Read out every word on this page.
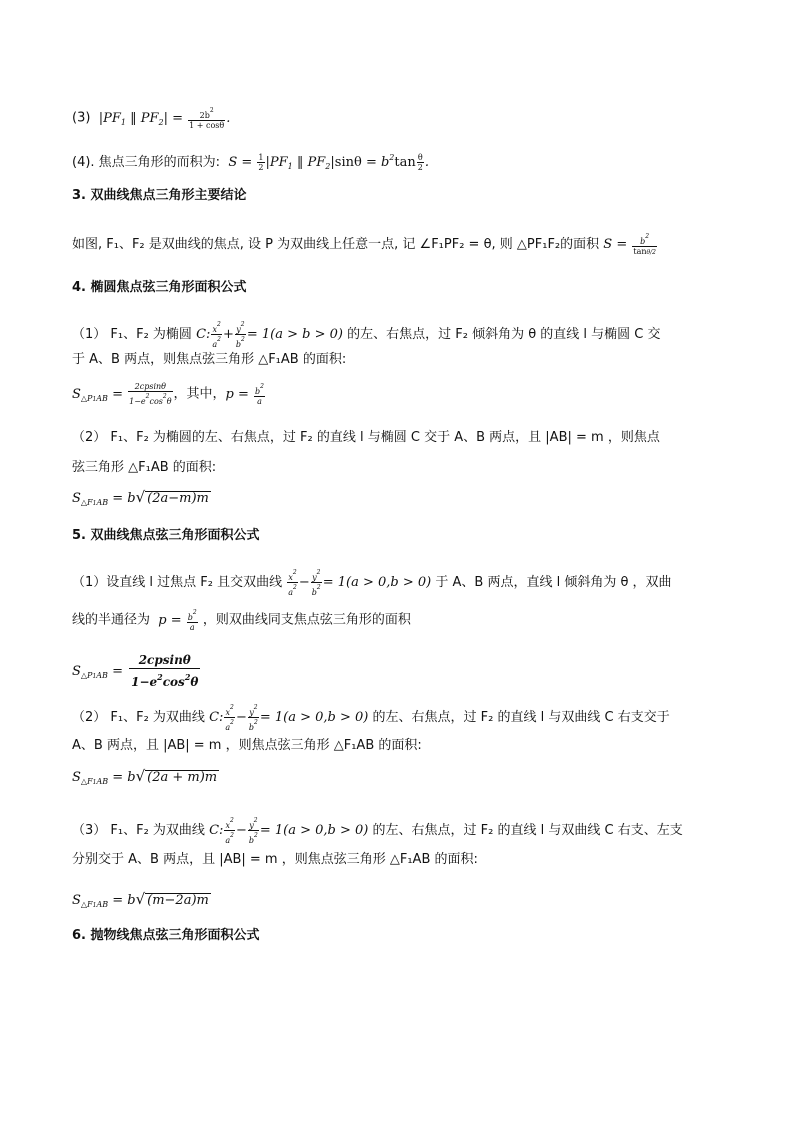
(3)  $|PF_1$ ‖ $PF_2| = \frac{2b^2}{1 + \cos\theta}$ .
(4). 焦点三角形的而积为:  $S = \frac{1}{2} |PF_1$ ‖ $PF_2|\sin\theta = b^2\tan \frac{\theta}{2}$ .
3. 双曲线焦点三角形主要结论
如图, F₁、F₂ 是双曲线的焦点, 设 P 为双曲线上任意一点, 记 ∠F₁PF₂ = θ, 则 △PF₁F₂的面积 $S = \frac{b^2}{\tan\theta/2}$
4. 椭圆焦点弦三角形面积公式
（1） F₁、F₂ 为椭圆 C: $\frac{x^2}{a^2} + \frac{y^2}{b^2} = 1(a > b > 0)$ 的左、右焦点，过 F₂ 倾斜角为 θ 的直线 l 与椭圆 C 交
于 A、B 两点，则焦点弦三角形 △F₁AB 的面积:
$S_{\triangle P1AB} = \frac{2cpsin\theta}{1-e^2\cos^2\theta}$ ，其中，$p = \frac{b^2}{a}$
（2） F₁、F₂ 为椭圆的左、右焦点，过 F₂ 的直线 l 与椭圆 C 交于 A、B 两点，且 |AB| = m ，则焦点
弦三角形 △F₁AB 的面积:
$S_{\triangle F1AB} = b√$ (2a−m)m
5. 双曲线焦点弦三角形面积公式
（1）设直线 l 过焦点 F₂ 且交双曲线 $\frac{x^2}{a^2} - \frac{y^2}{b^2} = 1(a > 0,b > 0)$ 于 A、B 两点，直线 l 倾斜角为 θ ，双曲
线的半通径为  $p = \frac{b^2}{a}$ ，则双曲线同支焦点弦三角形的面积
$S_{\triangle P1AB} = \frac{2cpsin\theta}{1-e^2\cos^2\theta}$
（2） F₁、F₂ 为双曲线 C: $\frac{x^2}{a^2} - \frac{y^2}{b^2} = 1(a > 0,b > 0)$ 的左、右焦点，过 F₂ 的直线 l 与双曲线 C 右支交于
A、B 两点，且 |AB| = m ，则焦点弦三角形 △F₁AB 的面积:
$S_{\triangle F1AB} = b√$ (2a + m)m
（3） F₁、F₂ 为双曲线 C: $\frac{x^2}{a^2} - \frac{y^2}{b^2} = 1(a > 0,b > 0)$ 的左、右焦点，过 F₂ 的直线 l 与双曲线 C 右支、左支
分别交于 A、B 两点，且 |AB| = m ，则焦点弦三角形 △F₁AB 的面积:
$S_{\triangle F1AB} = b√$ (m−2a)m
6. 抛物线焦点弦三角形面积公式
